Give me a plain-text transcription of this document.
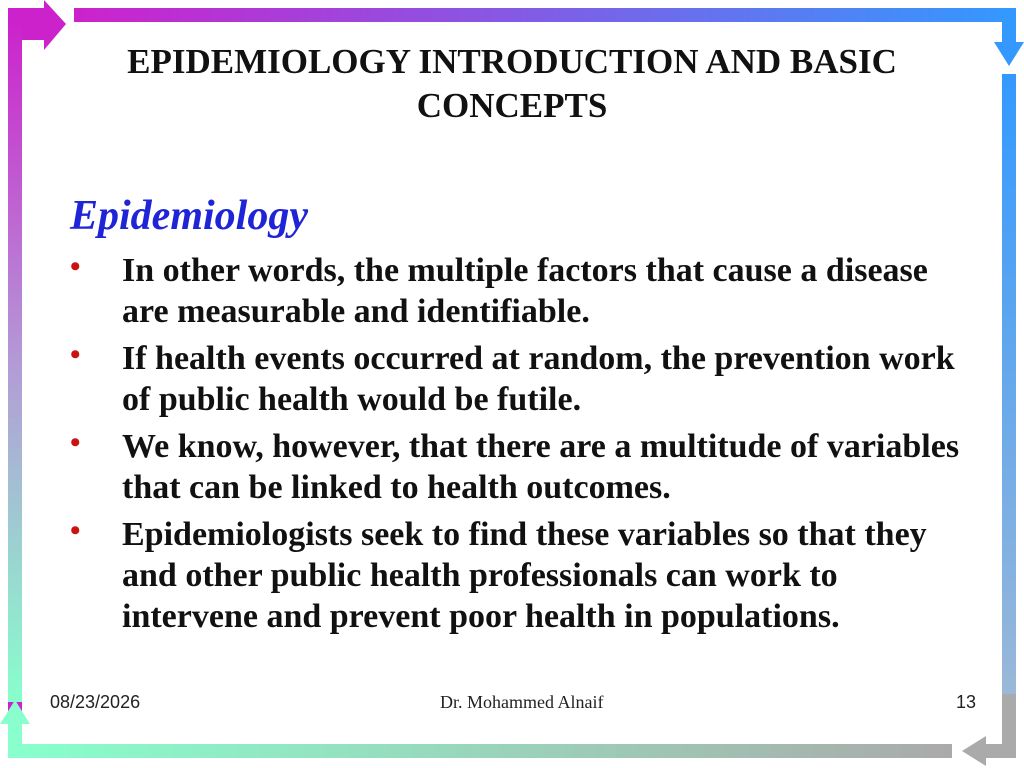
EPIDEMIOLOGY INTRODUCTION AND BASIC CONCEPTS
Epidemiology
• In other words, the multiple factors that cause a disease are measurable and identifiable.
• If health events occurred at random, the prevention work of public health would be futile.
• We know, however, that there are a multitude of variables that can be linked to health outcomes.
• Epidemiologists seek to find these variables so that they and other public health professionals can work to intervene and prevent poor health in populations.
08/23/2026	Dr. Mohammed Alnaif	13
